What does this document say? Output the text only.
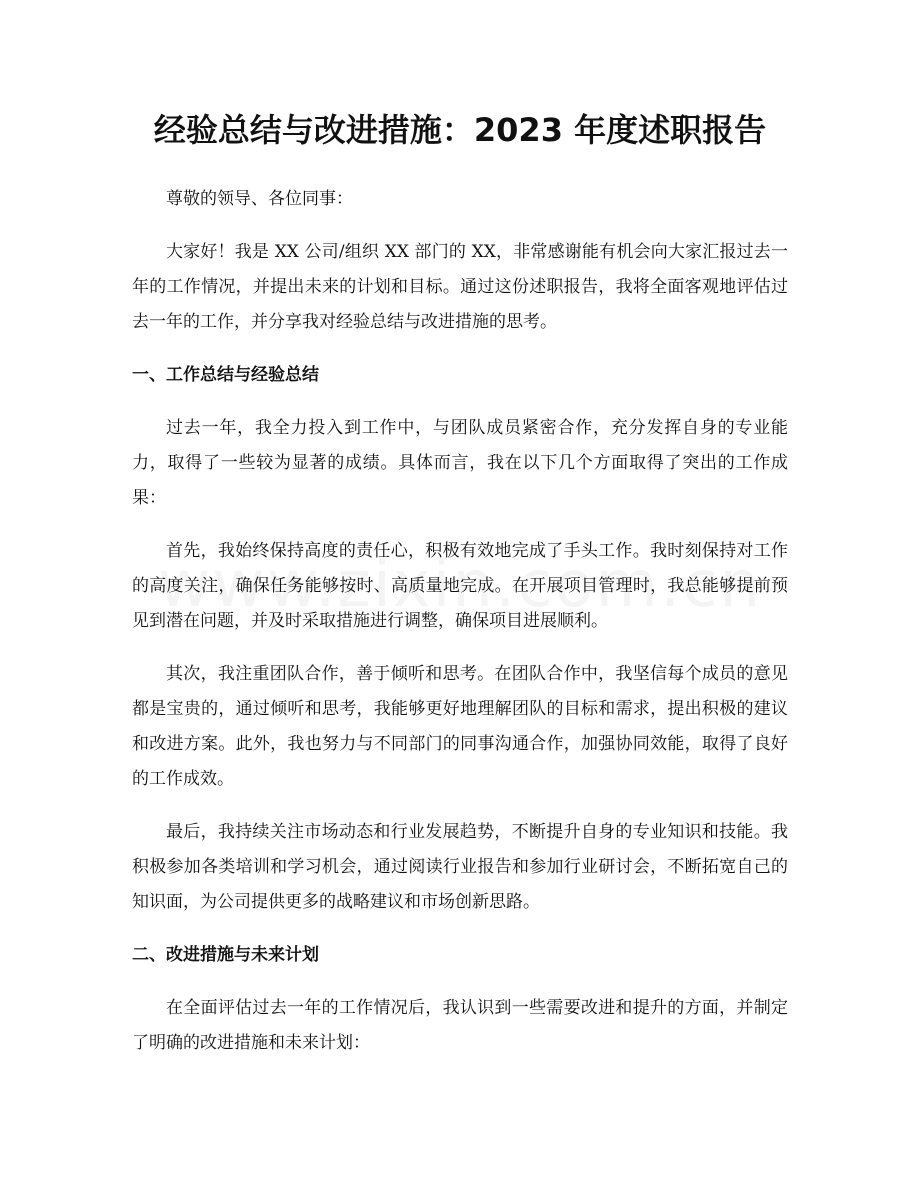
经验总结与改进措施：2023 年度述职报告

尊敬的领导、各位同事：

大家好！我是 XX 公司/组织 XX 部门的 XX，非常感谢能有机会向大家汇报过去一年的工作情况，并提出未来的计划和目标。通过这份述职报告，我将全面客观地评估过去一年的工作，并分享我对经验总结与改进措施的思考。

一、工作总结与经验总结

过去一年，我全力投入到工作中，与团队成员紧密合作，充分发挥自身的专业能力，取得了一些较为显著的成绩。具体而言，我在以下几个方面取得了突出的工作成果：

首先，我始终保持高度的责任心，积极有效地完成了手头工作。我时刻保持对工作的高度关注，确保任务能够按时、高质量地完成。在开展项目管理时，我总能够提前预见到潜在问题，并及时采取措施进行调整，确保项目进展顺利。

其次，我注重团队合作，善于倾听和思考。在团队合作中，我坚信每个成员的意见都是宝贵的，通过倾听和思考，我能够更好地理解团队的目标和需求，提出积极的建议和改进方案。此外，我也努力与不同部门的同事沟通合作，加强协同效能，取得了良好的工作成效。

最后，我持续关注市场动态和行业发展趋势，不断提升自身的专业知识和技能。我积极参加各类培训和学习机会，通过阅读行业报告和参加行业研讨会，不断拓宽自己的知识面，为公司提供更多的战略建议和市场创新思路。

二、改进措施与未来计划

在全面评估过去一年的工作情况后，我认识到一些需要改进和提升的方面，并制定了明确的改进措施和未来计划：
